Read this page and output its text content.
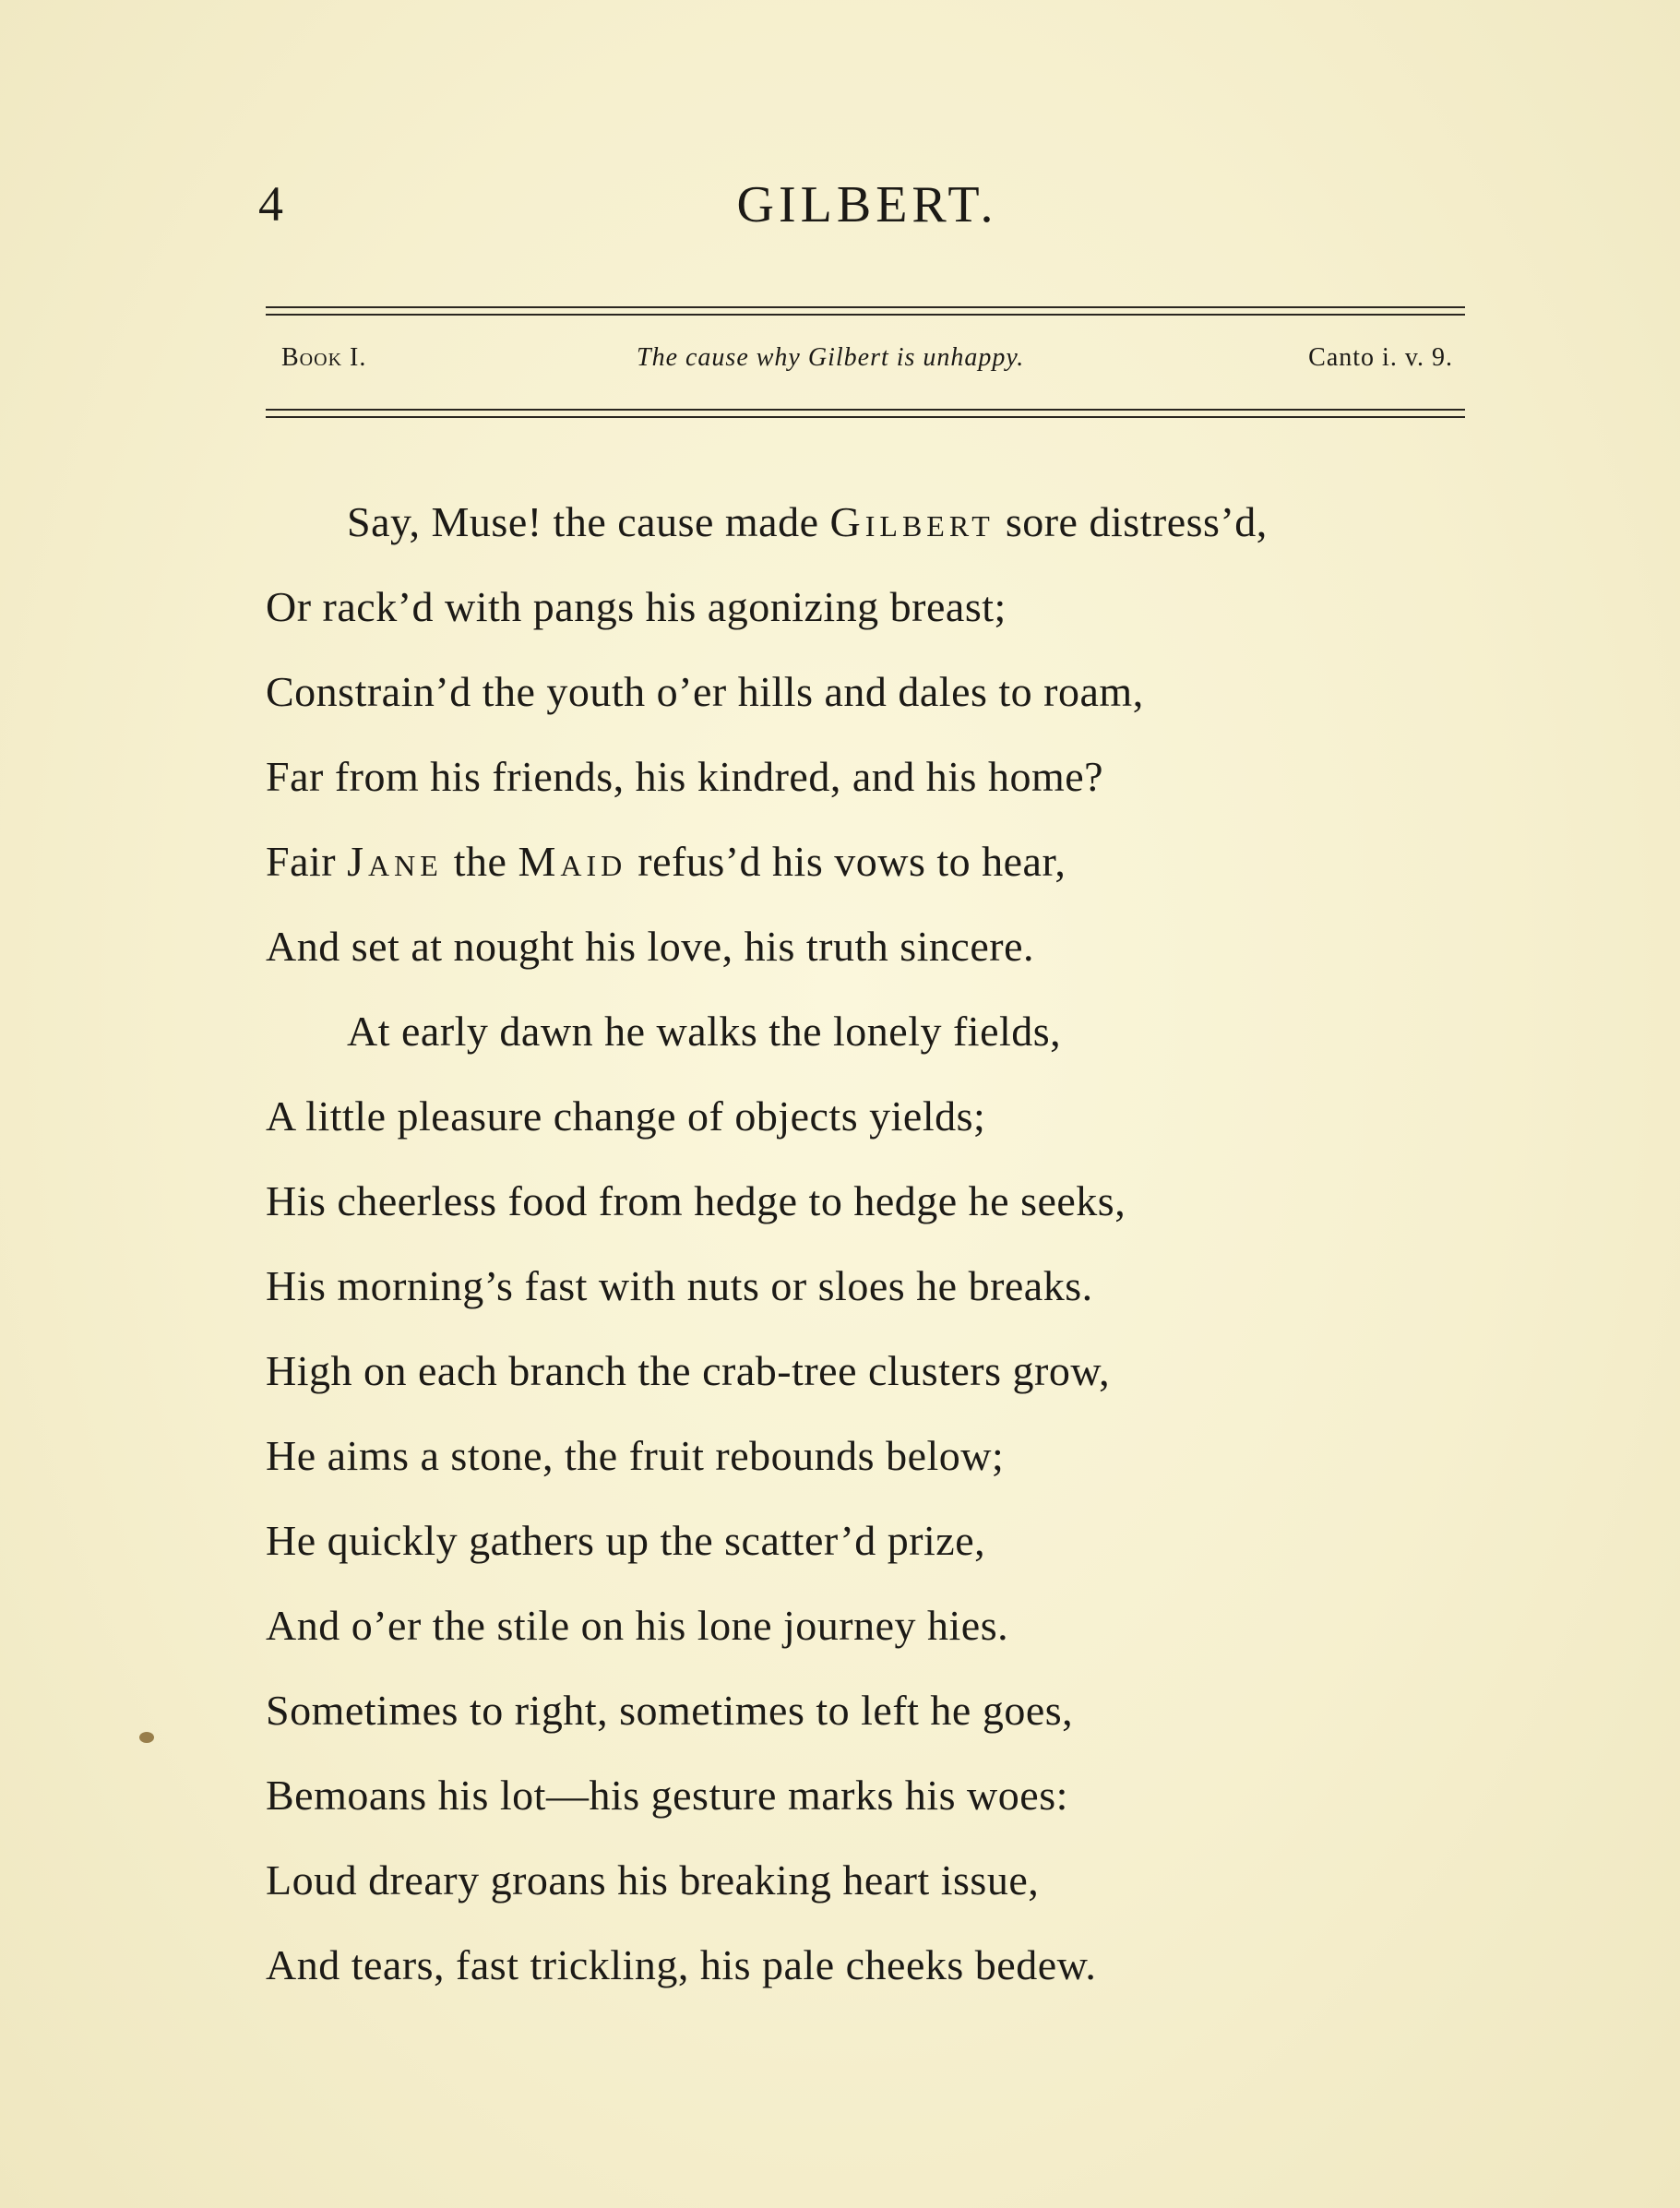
4	GILBERT.
Book I.	The cause why Gilbert is unhappy.	Canto i. v. 9.
Say, Muse! the cause made Gilbert sore distress’d,
Or rack’d with pangs his agonizing breast;
Constrain’d the youth o’er hills and dales to roam,
Far from his friends, his kindred, and his home?
Fair Jane the Maid refus’d his vows to hear,
And set at nought his love, his truth sincere.
At early dawn he walks the lonely fields,
A little pleasure change of objects yields;
His cheerless food from hedge to hedge he seeks,
His morning’s fast with nuts or sloes he breaks.
High on each branch the crab-tree clusters grow,
He aims a stone, the fruit rebounds below;
He quickly gathers up the scatter’d prize,
And o’er the stile on his lone journey hies.
Sometimes to right, sometimes to left he goes,
Bemoans his lot—his gesture marks his woes:
Loud dreary groans his breaking heart issue,
And tears, fast trickling, his pale cheeks bedew.
